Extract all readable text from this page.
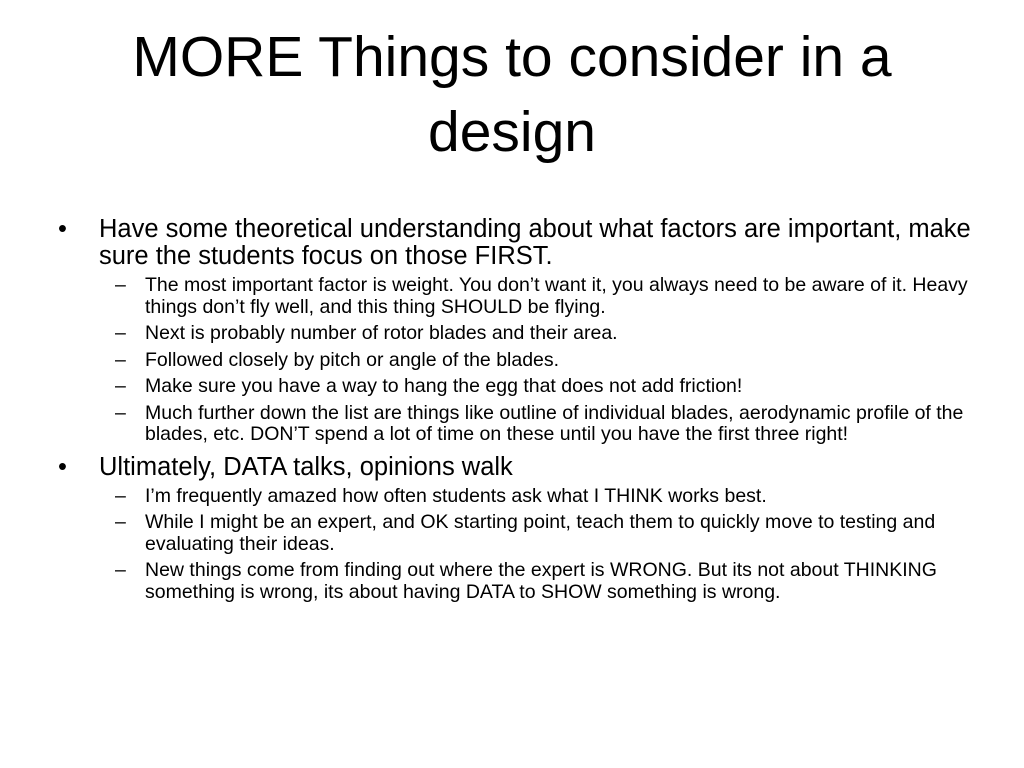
MORE Things to consider in a design
•	Have some theoretical understanding about what factors are important, make sure the students focus on those FIRST.
– The most important factor is weight. You don’t want it, you always need to be aware of it. Heavy things don’t fly well, and this thing SHOULD be flying.
– Next is probably number of rotor blades and their area.
– Followed closely by pitch or angle of the blades.
– Make sure you have a way to hang the egg that does not add friction!
– Much further down the list are things like outline of individual blades, aerodynamic profile of the blades, etc. DON’T spend a lot of time on these until you have the first three right!
•	Ultimately, DATA talks, opinions walk
– I’m frequently amazed how often students ask what I THINK works best.
– While I might be an expert, and OK starting point, teach them to quickly move to testing and evaluating their ideas.
– New things come from finding out where the expert is WRONG. But its not about THINKING something is wrong, its about having DATA to SHOW something is wrong.
